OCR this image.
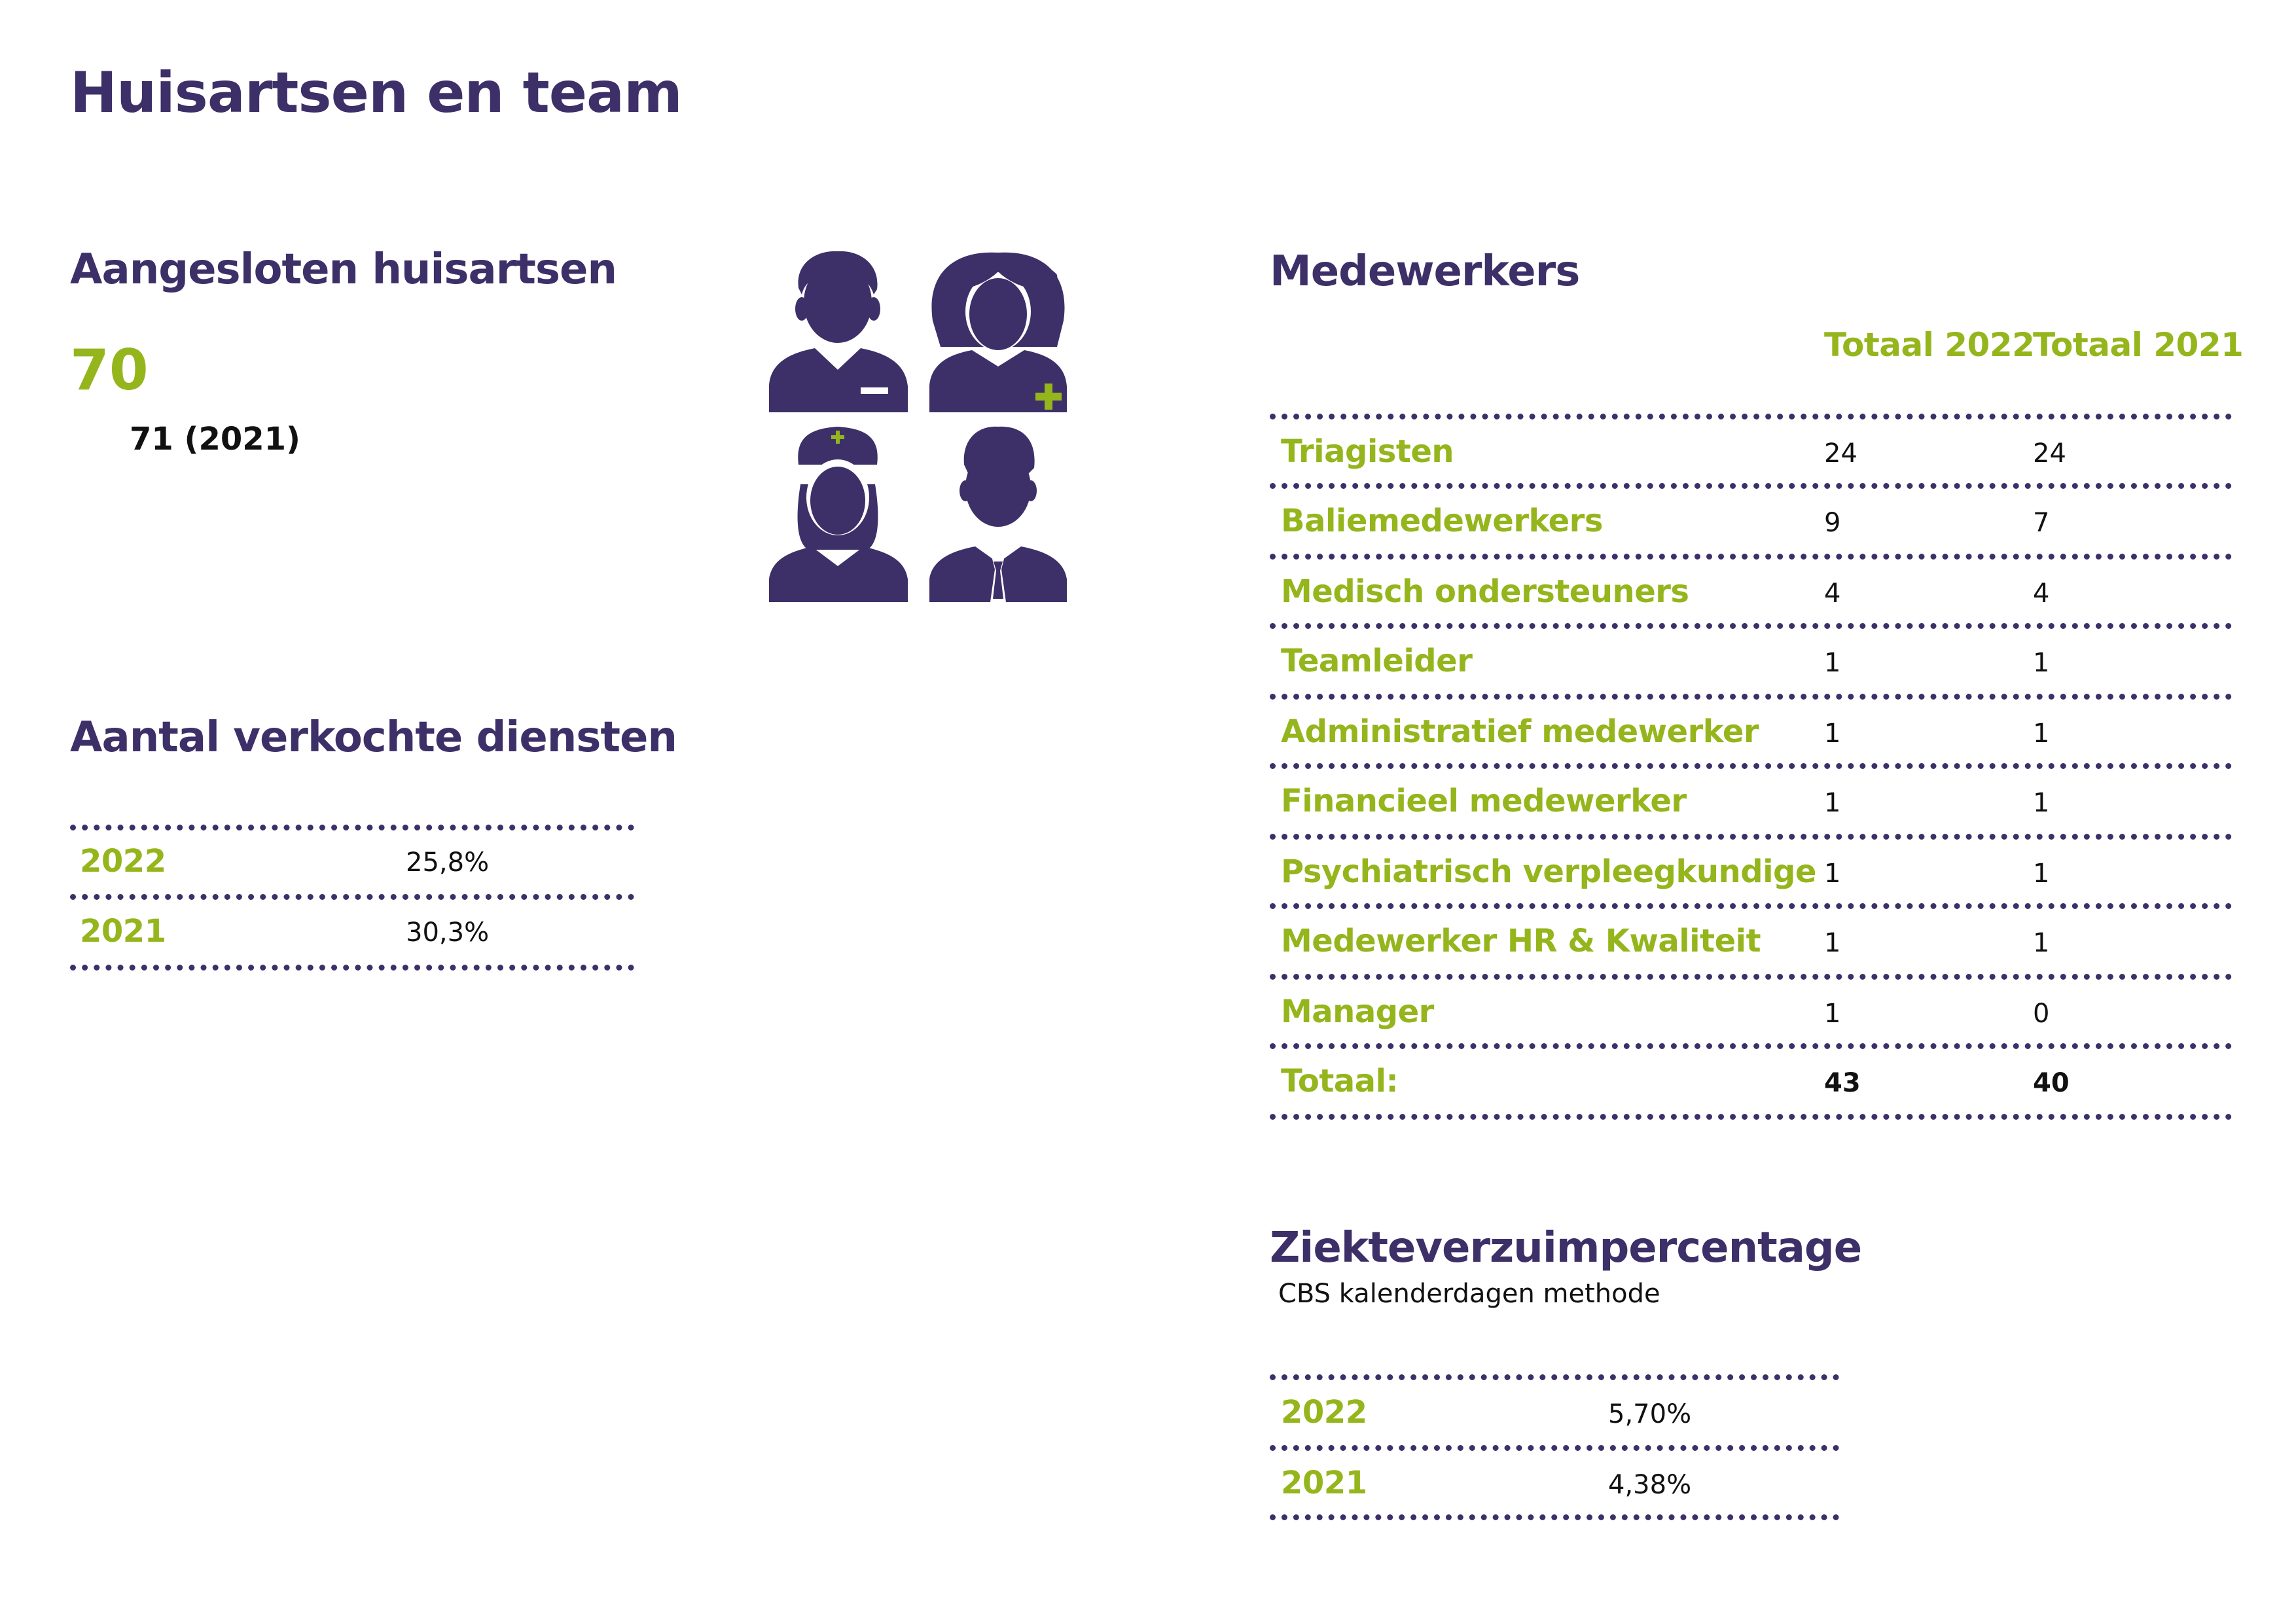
Huisartsen en team
Aangesloten huisartsen
70
71 (2021)
Aantal verkochte diensten
2022	25,8%
2021	30,3%
Medewerkers
Totaal 2022
Totaal 2021
Triagisten	24	24
Baliemedewerkers	9	7
Medisch ondersteuners	4	4
Teamleider	1	1
Administratief medewerker 1	1
Financieel medewerker	1	1
Psychiatrisch verpleegkundige 1	1
Medewerker HR & Kwaliteit 1	1
Manager	1	0
Totaal:	43	40
Ziekteverzuimpercentage
CBS kalenderdagen methode
2022	5,70%
2021	4,38%
